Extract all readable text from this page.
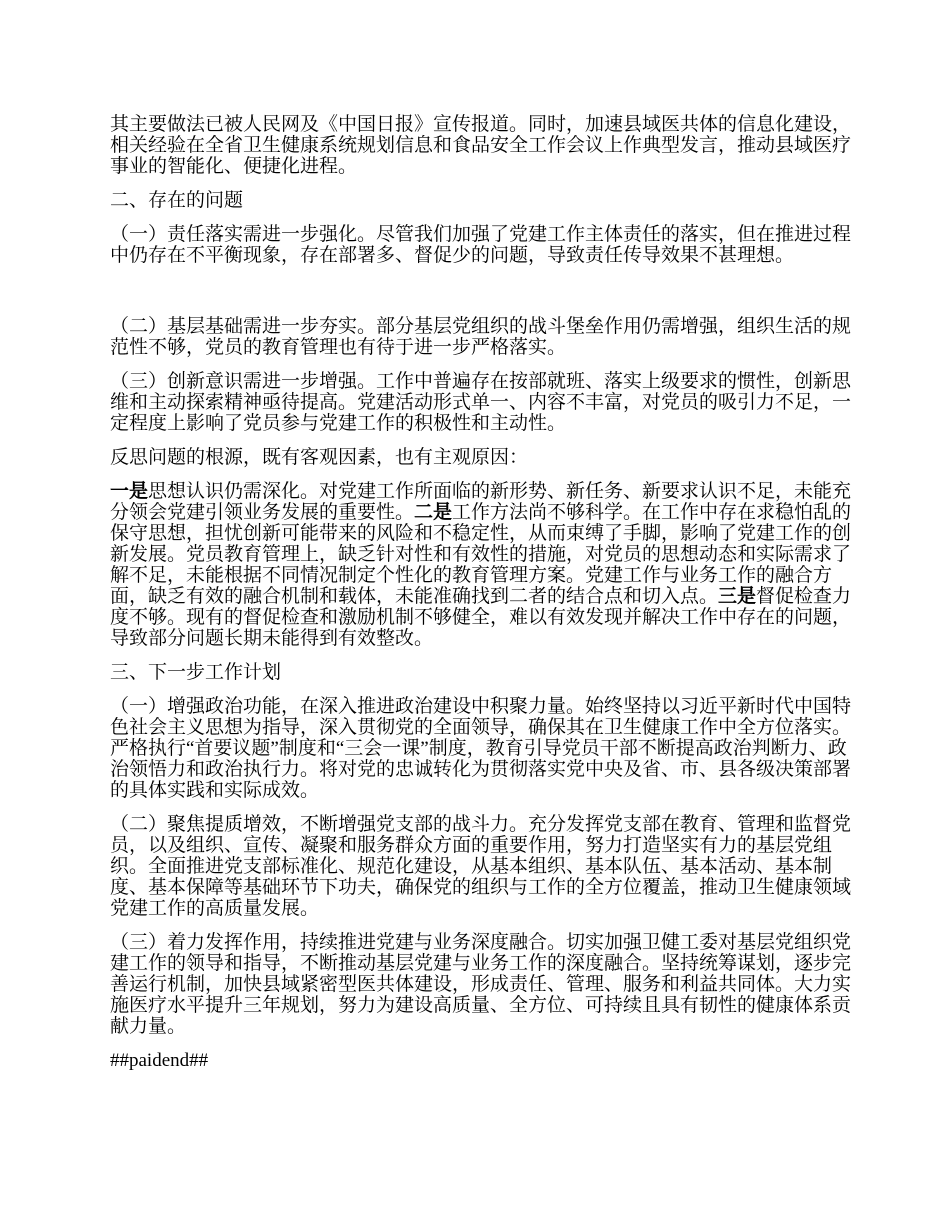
其主要做法已被人民网及《中国日报》宣传报道。同时，加速县域医共体的信息化建设，相关经验在全省卫生健康系统规划信息和食品安全工作会议上作典型发言，推动县域医疗事业的智能化、便捷化进程。

二、存在的问题

（一）责任落实需进一步强化。尽管我们加强了党建工作主体责任的落实，但在推进过程中仍存在不平衡现象，存在部署多、督促少的问题，导致责任传导效果不甚理想。

（二）基层基础需进一步夯实。部分基层党组织的战斗堡垒作用仍需增强，组织生活的规范性不够，党员的教育管理也有待于进一步严格落实。

（三）创新意识需进一步增强。工作中普遍存在按部就班、落实上级要求的惯性，创新思维和主动探索精神亟待提高。党建活动形式单一、内容不丰富，对党员的吸引力不足，一定程度上影响了党员参与党建工作的积极性和主动性。

反思问题的根源，既有客观因素，也有主观原因：

一是思想认识仍需深化。对党建工作所面临的新形势、新任务、新要求认识不足，未能充分领会党建引领业务发展的重要性。二是工作方法尚不够科学。在工作中存在求稳怕乱的保守思想，担忧创新可能带来的风险和不稳定性，从而束缚了手脚，影响了党建工作的创新发展。党员教育管理上，缺乏针对性和有效性的措施，对党员的思想动态和实际需求了解不足，未能根据不同情况制定个性化的教育管理方案。党建工作与业务工作的融合方面，缺乏有效的融合机制和载体，未能准确找到二者的结合点和切入点。三是督促检查力度不够。现有的督促检查和激励机制不够健全，难以有效发现并解决工作中存在的问题，导致部分问题长期未能得到有效整改。

三、下一步工作计划

（一）增强政治功能，在深入推进政治建设中积聚力量。始终坚持以习近平新时代中国特色社会主义思想为指导，深入贯彻党的全面领导，确保其在卫生健康工作中全方位落实。严格执行“首要议题”制度和“三会一课”制度，教育引导党员干部不断提高政治判断力、政治领悟力和政治执行力。将对党的忠诚转化为贯彻落实党中央及省、市、县各级决策部署的具体实践和实际成效。

（二）聚焦提质增效，不断增强党支部的战斗力。充分发挥党支部在教育、管理和监督党员，以及组织、宣传、凝聚和服务群众方面的重要作用，努力打造坚实有力的基层党组织。全面推进党支部标准化、规范化建设，从基本组织、基本队伍、基本活动、基本制度、基本保障等基础环节下功夫，确保党的组织与工作的全方位覆盖，推动卫生健康领域党建工作的高质量发展。

（三）着力发挥作用，持续推进党建与业务深度融合。切实加强卫健工委对基层党组织党建工作的领导和指导，不断推动基层党建与业务工作的深度融合。坚持统筹谋划，逐步完善运行机制，加快县域紧密型医共体建设，形成责任、管理、服务和利益共同体。大力实施医疗水平提升三年规划，努力为建设高质量、全方位、可持续且具有韧性的健康体系贡献力量。

##paidend##
